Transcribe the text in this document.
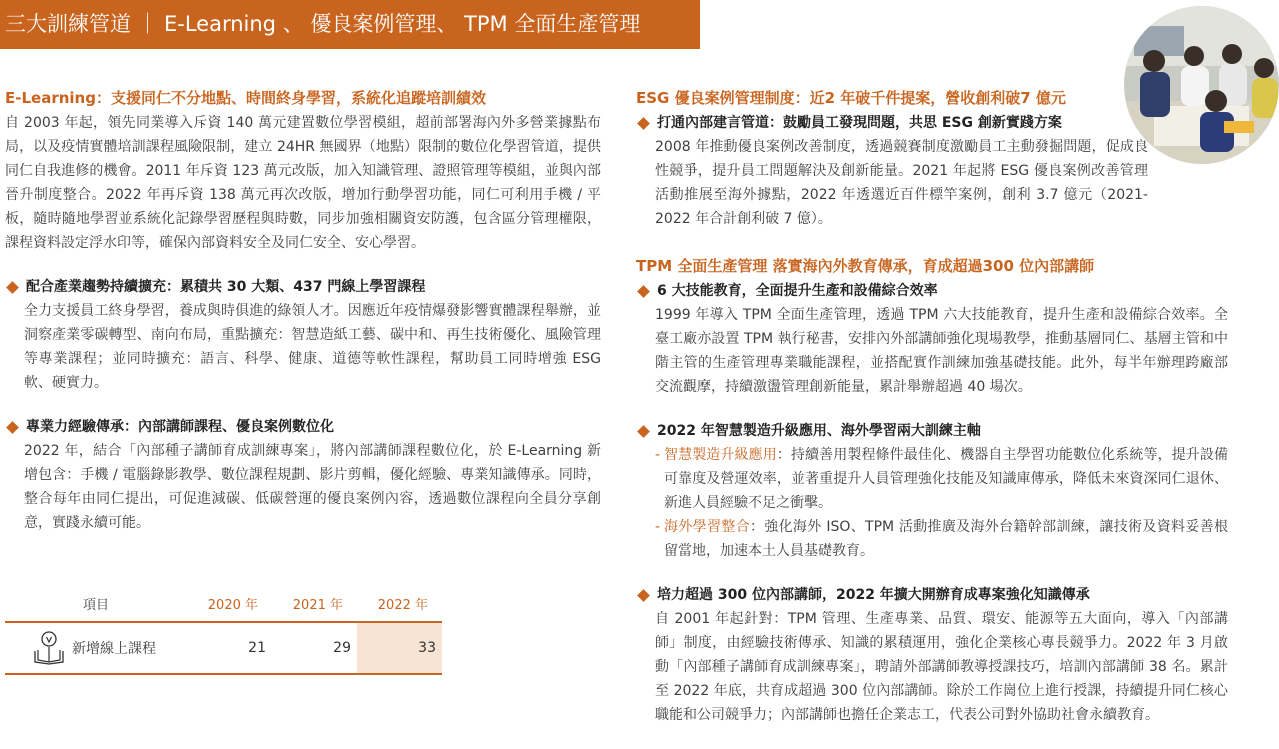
三大訓練管道 ｜ E-Learning 、 優良案例管理、 TPM 全面生產管理
E-Learning：支援同仁不分地點、時間終身學習，系統化追蹤培訓績效

自 2003 年起，領先同業導入斥資 140 萬元建置數位學習模組，超前部署海內外多營業據點布局，以及疫情實體培訓課程風險限制，建立 24HR 無國界（地點）限制的數位化學習管道，提供同仁自我進修的機會。2011 年斥資 123 萬元改版，加入知識管理、證照管理等模組，並與內部晉升制度整合。2022 年再斥資 138 萬元再次改版，增加行動學習功能，同仁可利用手機 / 平板，隨時隨地學習並系統化記錄學習歷程與時數，同步加強相關資安防護，包含區分管理權限，課程資料設定浮水印等，確保內部資料安全及同仁安全、安心學習。

配合產業趨勢持續擴充：累積共 30 大類、437 門線上學習課程

全力支援員工終身學習，養成與時俱進的綠領人才。因應近年疫情爆發影響實體課程舉辦，並洞察產業零碳轉型、南向布局，重點擴充：智慧造紙工藝、碳中和、再生技術優化、風險管理等專業課程；並同時擴充：語言、科學、健康、道德等軟性課程，幫助員工同時增強 ESG 軟、硬實力。

專業力經驗傳承：內部講師課程、優良案例數位化

2022 年，結合「內部種子講師育成訓練專案」，將內部講師課程數位化，於 E-Learning 新增包含：手機 / 電腦錄影教學、數位課程規劃、影片剪輯，優化經驗、專業知識傳承。同時，整合每年由同仁提出，可促進減碳、低碳營運的優良案例內容，透過數位課程向全員分享創意，實踐永續可能。

項目	2020 年	2021 年	2022 年

新增線上課程	21	29	33
ESG 優良案例管理制度：近2 年破千件提案，營收創利破7 億元
打通內部建言管道：鼓勵員工發現問題，共思 ESG 創新實踐方案

2008 年推動優良案例改善制度，透過競賽制度激勵員工主動發掘問題，促成良性競爭，提升員工問題解決及創新能量。2021 年起將 ESG 優良案例改善管理活動推展至海外據點，2022 年透選近百件標竿案例，創利 3.7 億元（2021-2022 年合計創利破 7 億）。

TPM 全面生產管理 落實海內外教育傳承，育成超過300 位內部講師
6 大技能教育，全面提升生產和設備綜合效率

1999 年導入 TPM 全面生產管理，透過 TPM 六大技能教育，提升生產和設備綜合效率。全臺工廠亦設置 TPM 執行秘書，安排內外部講師強化現場教學，推動基層同仁、基層主管和中階主管的生產管理專業職能課程，並搭配實作訓練加強基礎技能。此外，每半年辦理跨廠部交流觀摩，持續激盪管理創新能量，累計舉辦超過 40 場次。

2022 年智慧製造升級應用、海外學習兩大訓練主軸
- 智慧製造升級應用：持續善用製程條件最佳化、機器自主學習功能數位化系統等，提升設備可靠度及營運效率，並著重提升人員管理強化技能及知識庫傳承，降低未來資深同仁退休、新進人員經驗不足之衝擊。
- 海外學習整合：強化海外 ISO、TPM 活動推廣及海外台籍幹部訓練，讓技術及資料妥善根留當地，加速本土人員基礎教育。
培力超過 300 位內部講師，2022 年擴大開辦育成專案強化知識傳承

自 2001 年起針對：TPM 管理、生產專業、品質、環安、能源等五大面向，導入「內部講師」制度，由經驗技術傳承、知識的累積運用，強化企業核心專長競爭力。2022 年 3 月啟動「內部種子講師育成訓練專案」，聘請外部講師教導授課技巧，培訓內部講師 38 名。累計至 2022 年底，共育成超過 300 位內部講師。除於工作崗位上進行授課，持續提升同仁核心職能和公司競爭力；內部講師也擔任企業志工，代表公司對外協助社會永續教育。
